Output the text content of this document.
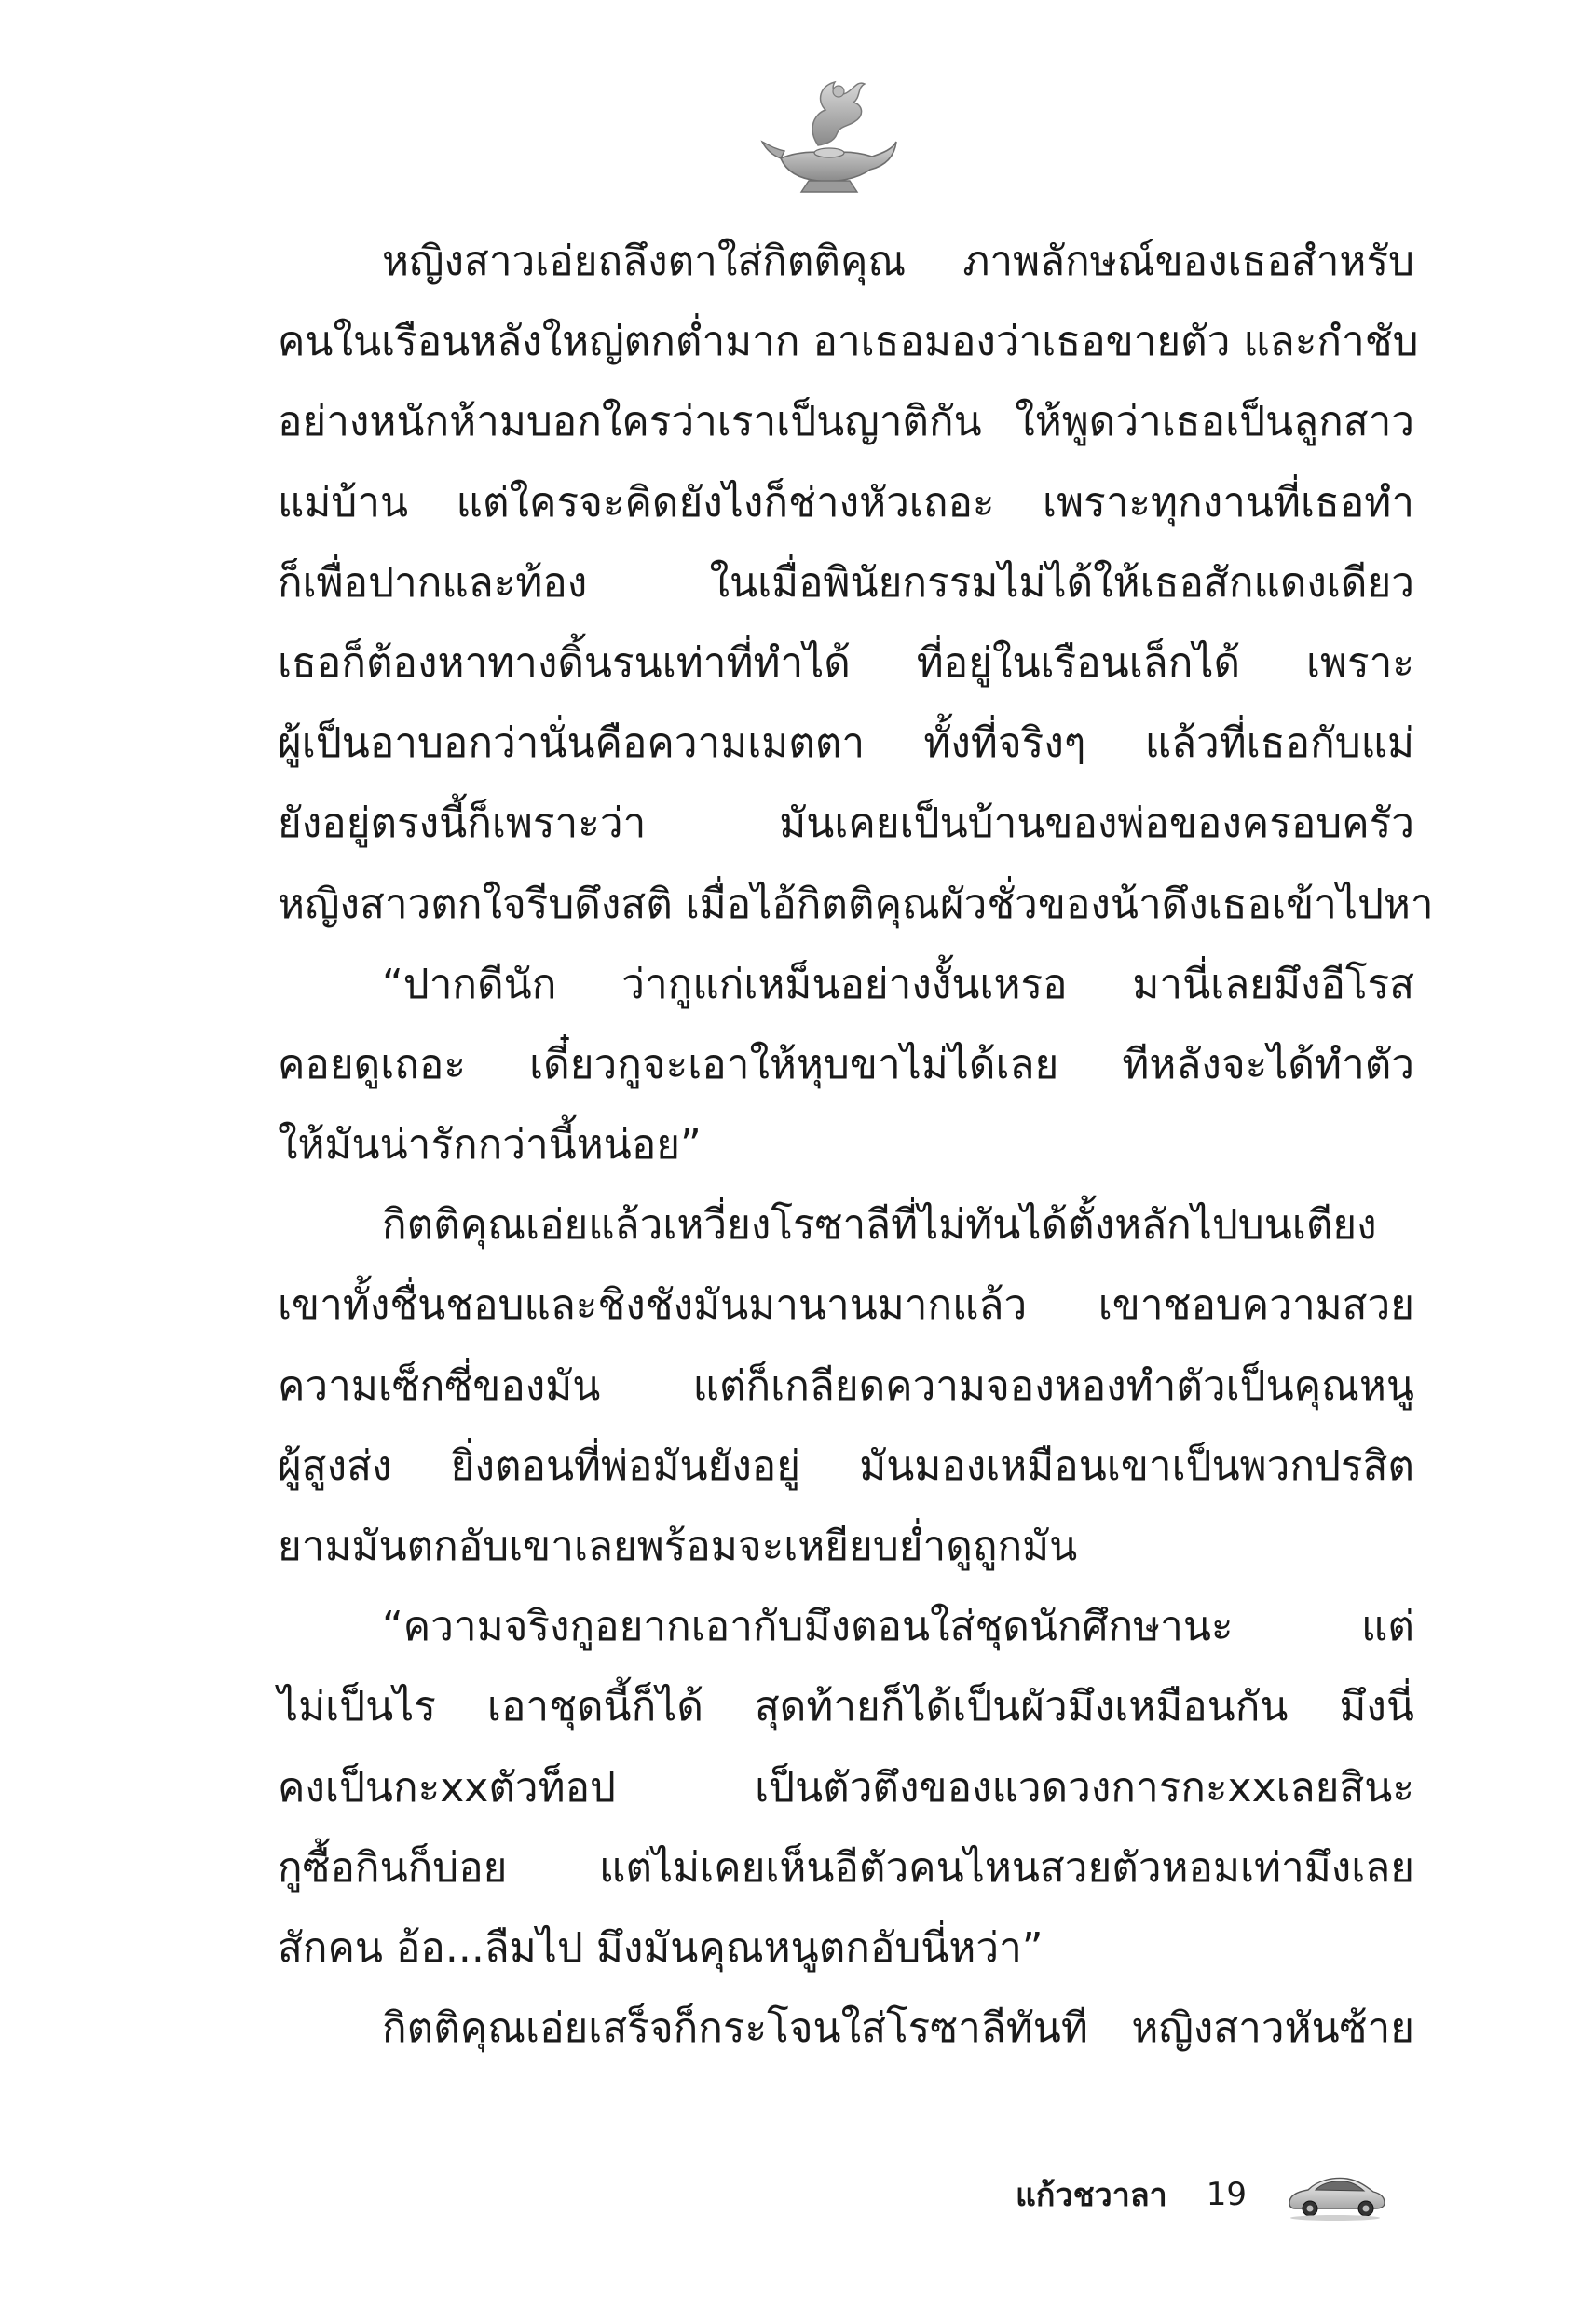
หญิงสาวเอ่ยถลึงตาใส่กิตติคุณ ภาพลักษณ์ของเธอสำหรับ
คนในเรือนหลังใหญ่ตกต่ำมาก อาเธอมองว่าเธอขายตัว และกำชับ
อย่างหนักห้ามบอกใครว่าเราเป็นญาติกัน ให้พูดว่าเธอเป็นลูกสาว
แม่บ้าน แต่ใครจะคิดยังไงก็ช่างหัวเถอะ เพราะทุกงานที่เธอทำ
ก็เพื่อปากและท้อง ในเมื่อพินัยกรรมไม่ได้ให้เธอสักแดงเดียว
เธอก็ต้องหาทางดิ้นรนเท่าที่ทำได้ ที่อยู่ในเรือนเล็กได้ เพราะ
ผู้เป็นอาบอกว่านั่นคือความเมตตา ทั้งที่จริงๆ แล้วที่เธอกับแม่
ยังอยู่ตรงนี้ก็เพราะว่า มันเคยเป็นบ้านของพ่อของครอบครัว
หญิงสาวตกใจรีบดึงสติ เมื่อไอ้กิตติคุณผัวชั่วของน้าดึงเธอเข้าไปหา
“ปากดีนัก ว่ากูแก่เหม็นอย่างงั้นเหรอ มานี่เลยมึงอีโรส
คอยดูเถอะ เดี๋ยวกูจะเอาให้หุบขาไม่ได้เลย ทีหลังจะได้ทำตัว
ให้มันน่ารักกว่านี้หน่อย”
กิตติคุณเอ่ยแล้วเหวี่ยงโรซาลีที่ไม่ทันได้ตั้งหลักไปบนเตียง
เขาทั้งชื่นชอบและชิงชังมันมานานมากแล้ว เขาชอบความสวย
ความเซ็กซี่ของมัน แต่ก็เกลียดความจองหองทำตัวเป็นคุณหนู
ผู้สูงส่ง ยิ่งตอนที่พ่อมันยังอยู่ มันมองเหมือนเขาเป็นพวกปรสิต
ยามมันตกอับเขาเลยพร้อมจะเหยียบย่ำดูถูกมัน
“ความจริงกูอยากเอากับมึงตอนใส่ชุดนักศึกษานะ แต่
ไม่เป็นไร เอาชุดนี้ก็ได้ สุดท้ายก็ได้เป็นผัวมึงเหมือนกัน มึงนี่
คงเป็นกะxxตัวท็อป เป็นตัวตึงของแวดวงการกะxxเลยสินะ
กูซื้อกินก็บ่อย แต่ไม่เคยเห็นอีตัวคนไหนสวยตัวหอมเท่ามึงเลย
สักคน อ้อ...ลืมไป มึงมันคุณหนูตกอับนี่หว่า”
กิตติคุณเอ่ยเสร็จก็กระโจนใส่โรซาลีทันที หญิงสาวหันซ้าย
แก้วชวาลา 19
